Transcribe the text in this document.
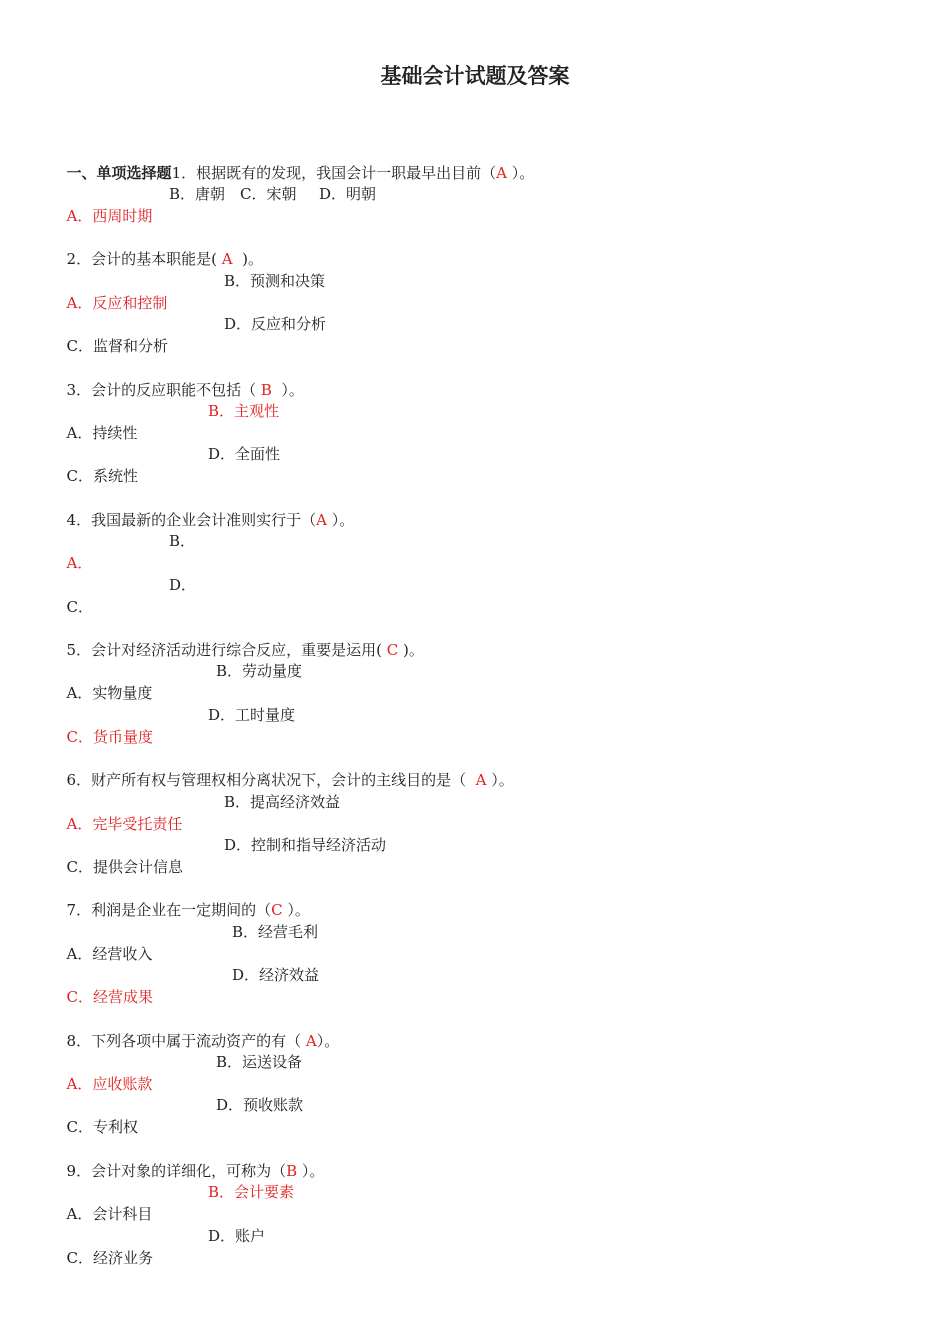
基础会计试题及答案

一、单项选择题1．根据既有的发现，我国会计一职最早出目前（A ）。

A．西周时期
B．唐朝 C．宋朝 D．明朝

2．会计的基本职能是( A  )。

A．反应和控制
B．预测和决策

C．监督和分析
D．反应和分析

3．会计的反应职能不包括（ B  ）。

A．持续性
B．主观性

C．系统性
D．全面性

4．我国最新的企业会计准则实行于（A ）。

A．
B．

C．
D．

5．会计对经济活动进行综合反应，重要是运用( C )。

A．实物量度
B．劳动量度

C．货币量度
D．工时量度

6．财产所有权与管理权相分离状况下，会计的主线目的是（  A ）。

A．完毕受托责任
B．提高经济效益

C．提供会计信息
D．控制和指导经济活动

7．利润是企业在一定期间的（C ）。

A．经营收入
B．经营毛利

C．经营成果
D．经济效益

8．下列各项中属于流动资产的有（ A）。

A．应收账款
B．运送设备

C．专利权
D．预收账款

9．会计对象的详细化，可称为（B ）。

A．会计科目
B．会计要素

C．经济业务
D．账户
